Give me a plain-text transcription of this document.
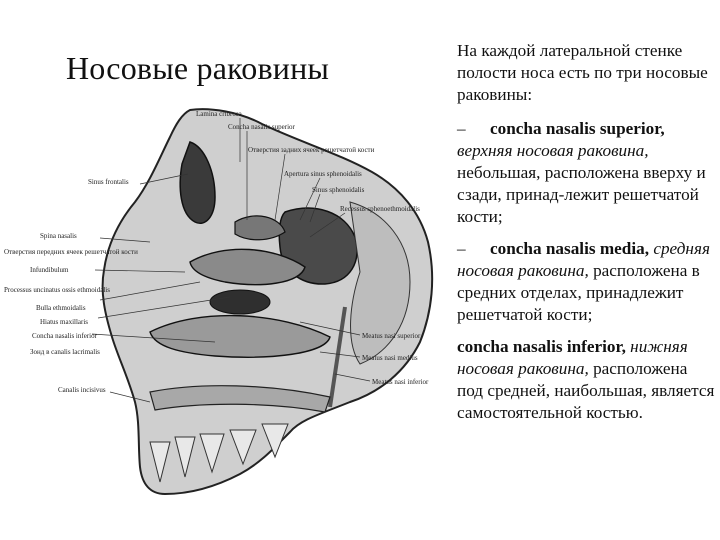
Носовые раковины
Lamina cribrosa
Concha nasalis superior
Отверстия задних ячеек решетчатой кости
Apertura sinus sphenoidalis
Sinus frontalis
Sinus sphenoidalis
Recessus sphenoethmoidalis
Spina nasalis
Отверстия передних ячеек решетчатой кости
Infundibulum
Processus uncinatus ossis ethmoidalis
Bulla ethmoidalis
Hiatus maxillaris
Concha nasalis inferior
Зонд в canalis lacrimalis
Canalis incisivus
Meatus nasi superior
Meatus nasi medius
Meatus nasi inferior

На каждой латеральной стенке полости носа есть по три носовые раковины:

– concha nasalis superior, верхняя носовая раковина, небольшая, расположена вверху и сзади, принад-лежит решетчатой кости;

– concha nasalis media, средняя носовая раковина, расположена в средних отделах, принадлежит решетчатой кости;

concha nasalis inferior, нижняя носовая раковина, расположена под средней, наибольшая, является самостоятельной костью.
